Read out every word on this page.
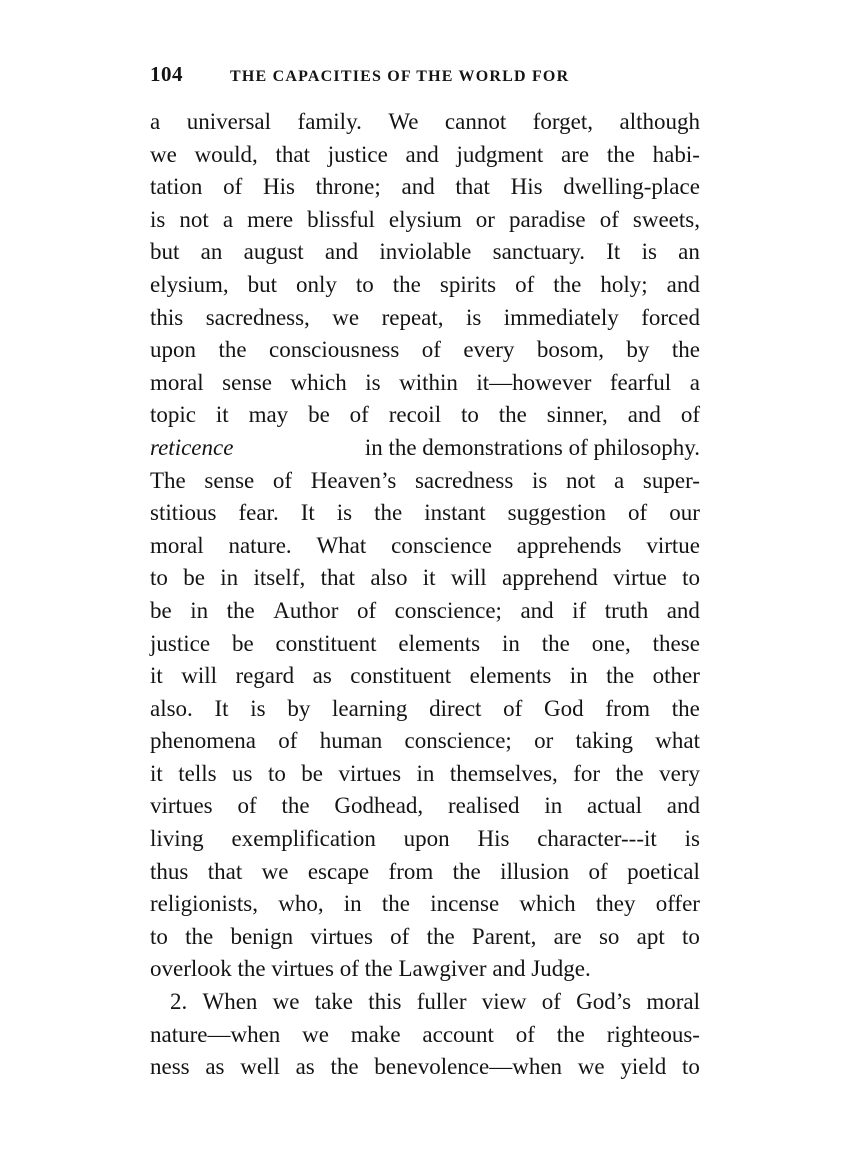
104	THE CAPACITIES OF THE WORLD FOR
a universal family. We cannot forget, although
we would, that justice and judgment are the habi-
tation of His throne; and that His dwelling-place
is not a mere blissful elysium or paradise of sweets,
but an august and inviolable sanctuary. It is an
elysium, but only to the spirits of the holy; and
this sacredness, we repeat, is immediately forced
upon the consciousness of every bosom, by the
moral sense which is within it—however fearful a
topic it may be of recoil to the sinner, and of
reticence	in the demonstrations of philosophy.
The sense of Heaven’s sacredness is not a super-
stitious fear. It is the instant suggestion of our
moral nature. What conscience apprehends virtue
to be in itself, that also it will apprehend virtue to
be in the Author of conscience; and if truth and
justice be constituent elements in the one, these
it will regard as constituent elements in the other
also. It is by learning direct of God from the
phenomena of human conscience; or taking what
it tells us to be virtues in themselves, for the very
virtues of the Godhead, realised in actual and
living exemplification upon His character---it is
thus that we escape from the illusion of poetical
religionists, who, in the incense which they offer
to the benign virtues of the Parent, are so apt to
overlook the virtues of the Lawgiver and Judge.
2. When we take this fuller view of God’s moral
nature—when we make account of the righteous-
ness as well as the benevolence—when we yield to
